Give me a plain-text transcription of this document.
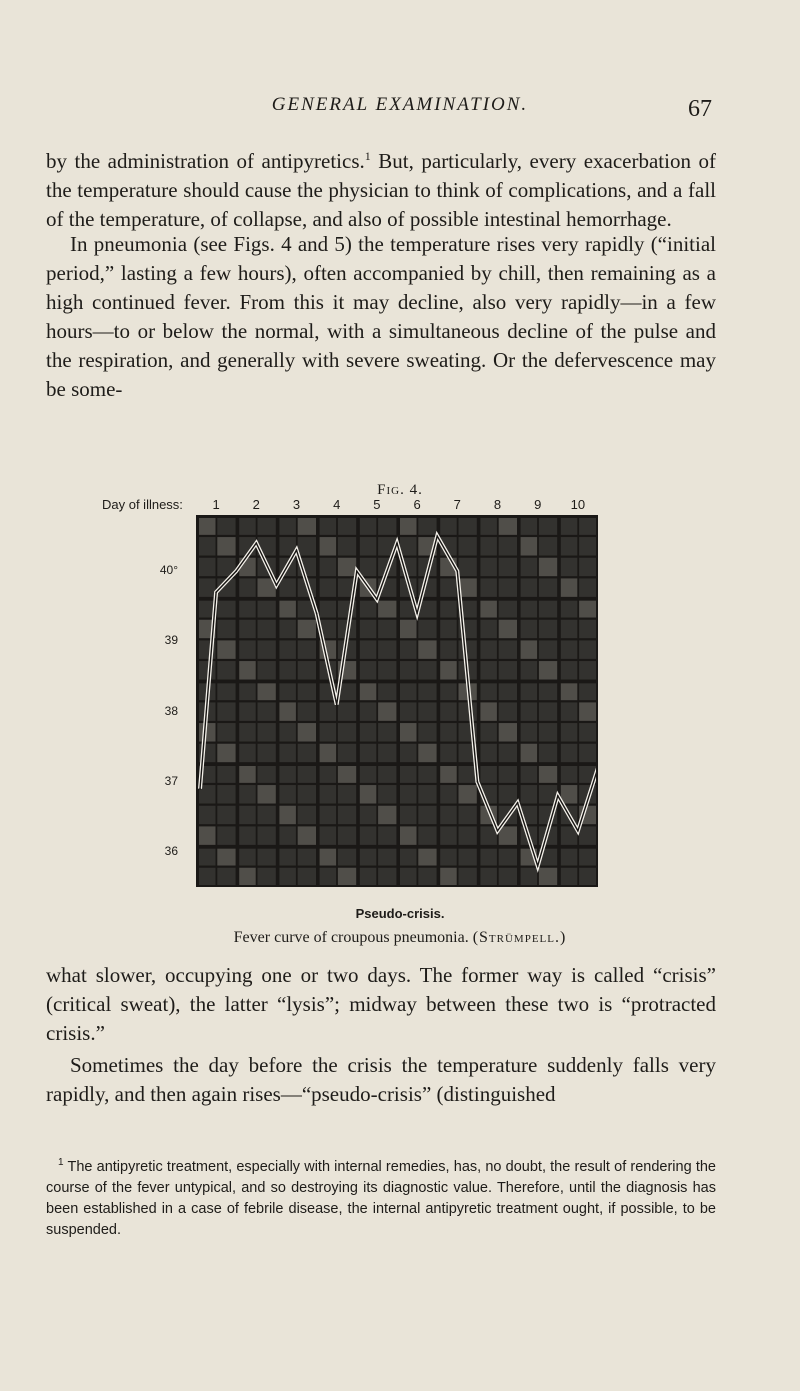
GENERAL EXAMINATION.	67

by the administration of antipyretics.$^1$ But, particularly, every exacerbation of the temperature should cause the physician to think of complications, and a fall of the temperature, of collapse, and also of possible intestinal hemorrhage.

In pneumonia (see Figs. 4 and 5) the temperature rises very rapidly (“initial period,” lasting a few hours), often accompanied by chill, then remaining as a high continued fever. From this it may decline, also very rapidly—in a few hours—to or below the normal, with a simultaneous decline of the pulse and the respiration, and generally with severe sweating. Or the defervescence may be some-

Fig. 4.
Day of illness:	1	2	3	4	5	6	7	8	9	10
36
37
38
39
40°
Pseudo-crisis.
Fever curve of croupous pneumonia. (Strümpell.)

what slower, occupying one or two days. The former way is called “crisis” (critical sweat), the latter “lysis”; midway between these two is “protracted crisis.”

Sometimes the day before the crisis the temperature suddenly falls very rapidly, and then again rises—“pseudo-crisis” (distinguished

$^1$ The antipyretic treatment, especially with internal remedies, has, no doubt, the result of rendering the course of the fever untypical, and so destroying its diagnostic value. Therefore, until the diagnosis has been established in a case of febrile disease, the internal antipyretic treatment ought, if possible, to be suspended.
